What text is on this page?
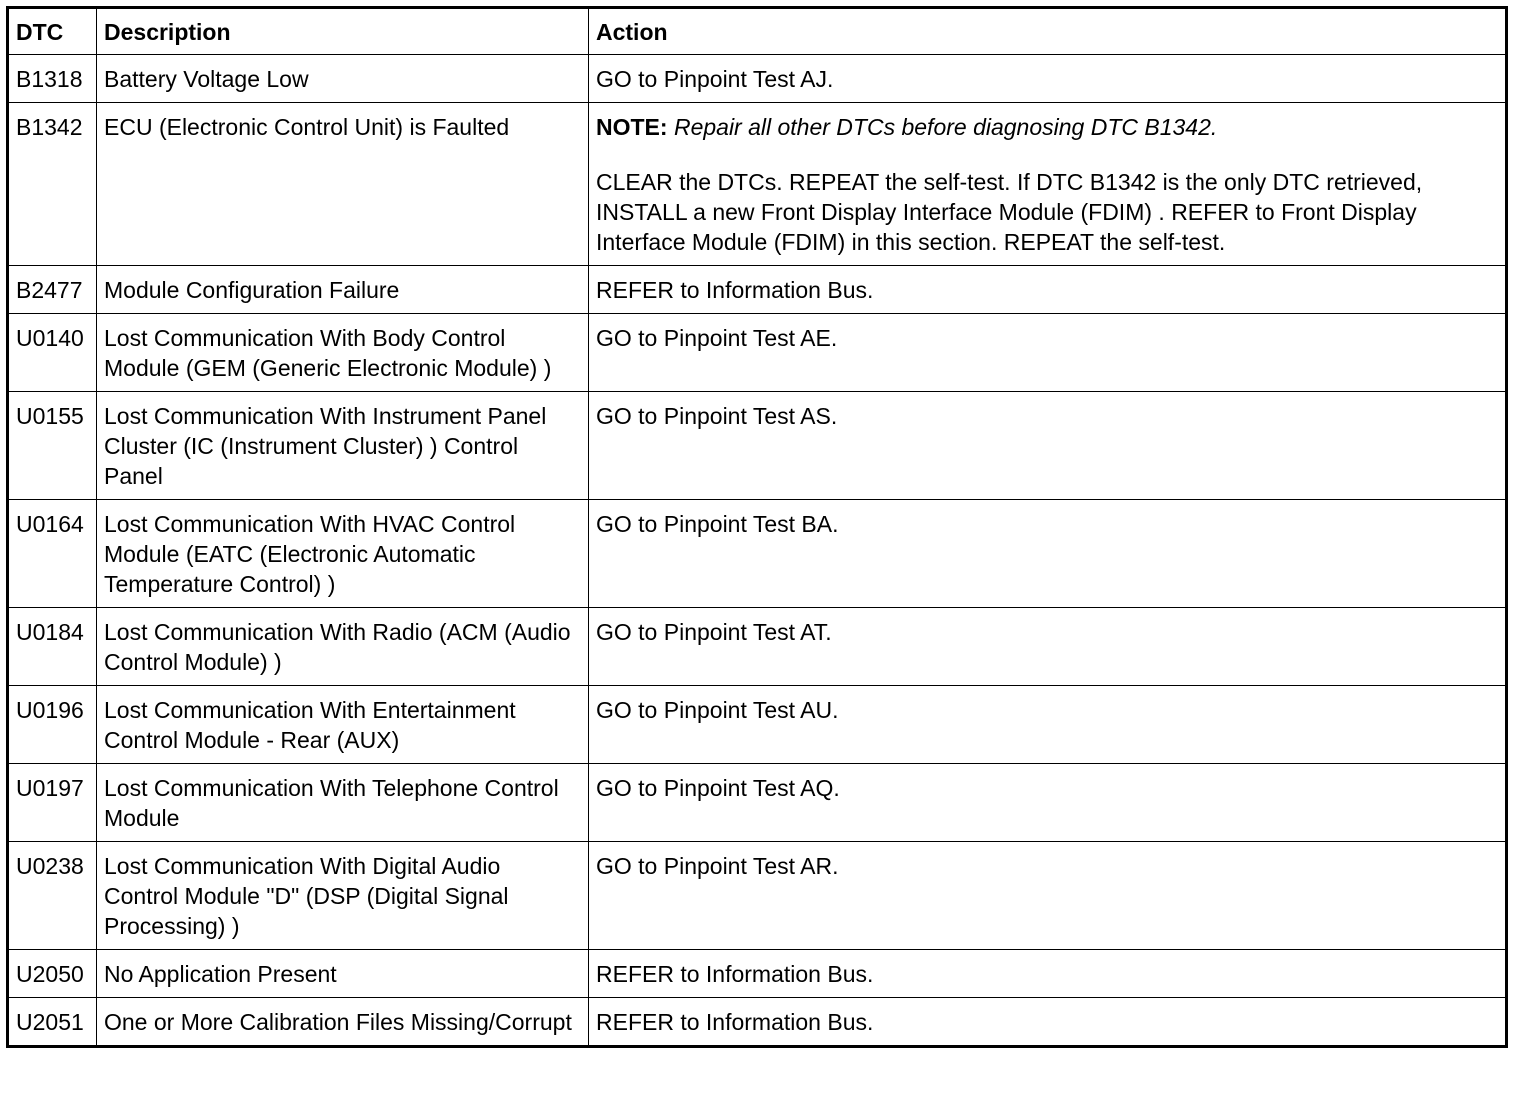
DTC	Description	Action
B1318	Battery Voltage Low	GO to Pinpoint Test AJ.
B1342	ECU (Electronic Control Unit) is Faulted	NOTE: Repair all other DTCs before diagnosing DTC B1342.
CLEAR the DTCs. REPEAT the self-test. If DTC B1342 is the only DTC retrieved, INSTALL a new Front Display Interface Module (FDIM) . REFER to Front Display Interface Module (FDIM) in this section. REPEAT the self-test.

B2477	Module Configuration Failure	REFER to Information Bus.
U0140	Lost Communication With Body Control Module (GEM (Generic Electronic Module) )	GO to Pinpoint Test AE.
U0155	Lost Communication With Instrument Panel Cluster (IC (Instrument Cluster) ) Control Panel	GO to Pinpoint Test AS.
U0164	Lost Communication With HVAC Control Module (EATC (Electronic Automatic Temperature Control) )	GO to Pinpoint Test BA.
U0184	Lost Communication With Radio (ACM (Audio Control Module) )	GO to Pinpoint Test AT.
U0196	Lost Communication With Entertainment Control Module - Rear (AUX)	GO to Pinpoint Test AU.
U0197	Lost Communication With Telephone Control Module	GO to Pinpoint Test AQ.
U0238	Lost Communication With Digital Audio Control Module "D" (DSP (Digital Signal Processing) )	GO to Pinpoint Test AR.
U2050	No Application Present	REFER to Information Bus.
U2051	One or More Calibration Files Missing/Corrupt	REFER to Information Bus.
